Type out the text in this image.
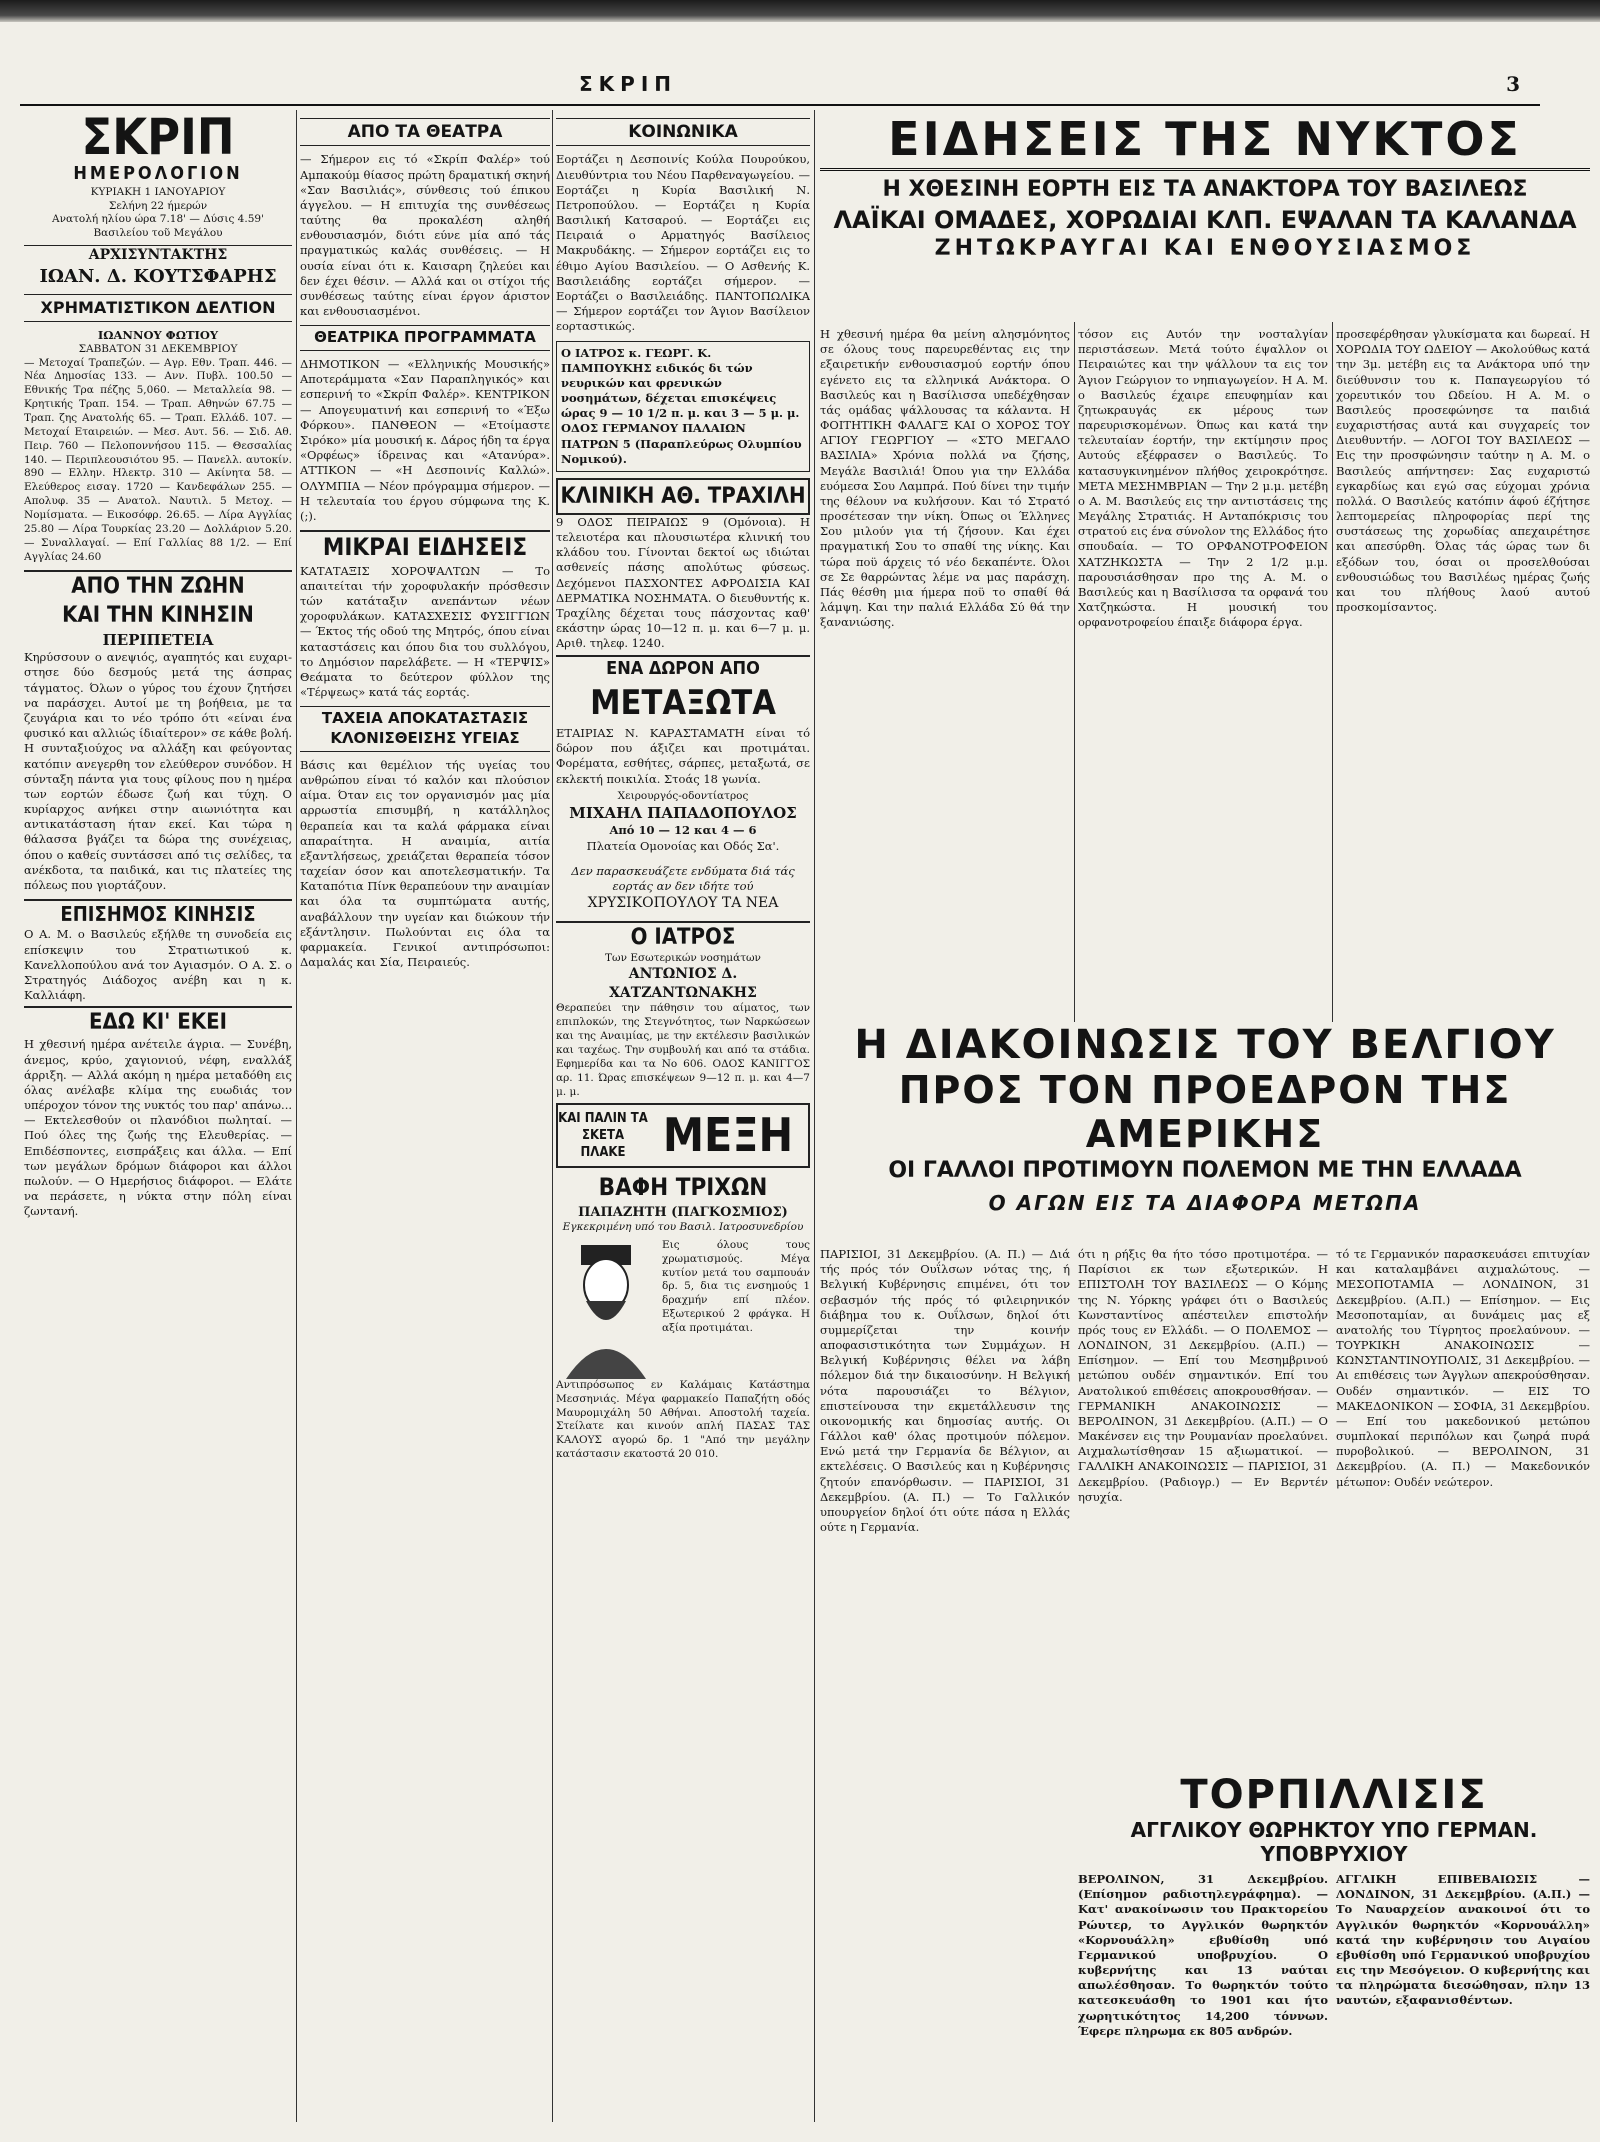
ΣΚΡΙΠ	3
ΣΚΡΙΠ
ΗΜΕΡΟΛΟΓΙΟΝ
ΚΥΡΙΑΚΗ 1 ΙΑΝΟΥΑΡΙΟΥ
Σελήνη 22 ήμερών
Ανατολή ηλίου ώρα 7.18' — Δύσις 4.59'
Βασιλείου τοῦ Μεγάλου
ΑΡΧΙΣΥΝΤΑΚΤΗΣ
ΙΩΑΝ. Δ. ΚΟΥΤΣΦΑΡΗΣ
ΧΡΗΜΑΤΙΣΤΙΚΟΝ ΔΕΛΤΙΟΝ
ΙΩΑΝΝΟΥ ΦΩΤΙΟΥ
ΣΑΒΒΑΤΟΝ 31 ΔΕΚΕΜΒΡΙΟΥ

— Μετοχαί Τραπεζών. — Αγρ. Εθν. Τραπ. 446. — Νέα Δημοσίας 133. — Ανν. Πυβλ. 100.50 — Εθνικής Τρα πέζης 5,060. — Μεταλλεία 98. — Κρητικής Τραπ. 154. — Τραπ. Αθηνών 67.75 — Τραπ. ζης Ανατολής 65. — Τραπ. Ελλάδ. 107. — Μετοχαί Εταιρειών. — Μεσ. Αυτ. 56. — Σιδ. Αθ. Πειρ. 760 — Πελοποννήσου 115. — Θεσσαλίας 140. — Περιπλεουσιότου 95. — Πανελλ. αυτοκίν. 890 — Ελλην. Ηλεκτρ. 310 — Ακίνητα 58. — Ελεύθερος εισαγ. 1720 — Κανδεφάλων 255. — Απολυφ. 35 — Ανατολ. Ναυτιλ. 5 Μετοχ. — Νομίσματα. — Εικοσόφρ. 26.65. — Λίρα Αγγλίας 25.80 — Λίρα Τουρκίας 23.20 — Δολλάριον 5.20. — Συναλλαγαί. — Επί Γαλλίας 88 1/2. — Επί Αγγλίας 24.60

ΑΠΟ ΤΗΝ ΖΩΗΝ
ΚΑΙ ΤΗΝ ΚΙΝΗΣΙΝ
ΠΕΡΙΠΕΤΕΙΑ

Κηρύσσουν ο ανεψιός, αγαπητός και ευχαρι-στησε δύο δεσμούς μετά της άσπρας τάγματος. Όλων ο γύρος του έχουν ζητήσει να παράσχει. Αυτοί με τη βοήθεια, με τα ζευγάρια και το νέο τρόπο ότι «είναι ένα φυσικό και αλλιώς ίδιαίτερον» σε κάθε βολή. Η συνταξιούχος να αλλάξη και φεύγοντας κατόπιν ανεγερθη τον ελεύθερον συνόδον. Η σύνταξη πάντα για τους φίλους που η ημέρα των εορτών έδωσε ζωή και τύχη. Ο κυρίαρχος ανήκει στην αιωνιότητα και αντικατάσταση ήταν εκεί. Και τώρα η θάλασσα βγάζει τα δώρα της συνέχειας, όπου ο καθείς συντάσσει από τις σελίδες, τα ανέκδοτα, τα παιδικά, και τις πλατείες της πόλεως που γιορτάζουν.

ΕΠΙΣΗΜΟΣ ΚΙΝΗΣΙΣ

Ο Α. Μ. ο Βασιλεύς εξήλθε τη συνοδεία εις επίσκεψιν του Στρατιωτικού κ. Κανελλοπούλου ανά τον Αγιασμόν. Ο Α. Σ. ο Στρατηγός Διάδοχος ανέβη και η κ. Καλλιάφη.

ΕΔΩ ΚΙ' ΕΚΕΙ

Η χθεσινή ημέρα ανέτειλε άγρια. — Συνέβη, άνεμος, κρύο, χαγιονιού, νέφη, εναλλάξ άρριξη. — Αλλά ακόμη η ημέρα μεταδόθη εις όλας ανέλαβε κλίμα της ευωδιάς τον υπέροχον τόνον της νυκτός του παρ' απάνω... — Εκτελεσθούν οι πλανόδιοι πωληταί. — Πού όλες της ζωής της Ελευθερίας. — Επιδέσποντες, εισπράξεις και άλλα. — Επί των μεγάλων δρόμων διάφοροι και άλλοι πωλούν. — Ο Ημερήσιος διάφοροι. — Ελάτε να περάσετε, η νύκτα στην πόλη είναι ζωντανή.

ΑΠΟ ΤΑ ΘΕΑΤΡΑ

— Σήμερον εις τό «Σκρίπ Φαλέρ» τού Αμπακούμ θίασος πρώτη δραματική σκηνή «Σαν Βασιλιάς», σύνθεσις τού έπικου άγγελου. — Η επιτυχία της συνθέσεως ταύτης θα προκαλέση αληθή ενθουσιασμόν, διότι εύνε μία από τάς πραγματικώς καλάς συνθέσεις. — Η ουσία είναι ότι κ. Καισαρη ζηλεύει και δεν έχει θέσιν. — Αλλά και οι στίχοι τής συνθέσεως ταύτης είναι έργον άριστον και ενθουσιασμένοι.

ΘΕΑΤΡΙΚΑ ΠΡΟΓΡΑΜΜΑΤΑ

ΔΗΜΟΤΙΚΟΝ — «Ελληνικής Μουσικής» Αποτεράμματα «Σαν Παραπληγικός» και εσπερινή το «Σκρίπ Φαλέρ». ΚΕΝΤΡΙΚΟΝ — Απογευματινή και εσπερινή το «Έξω Φόρκου». ΠΑΝΘΕΟΝ — «Ετοίμαστε Σιρόκο» μία μουσική κ. Δάρος ήδη τα έργα «Ορφέως» ίδρεινας και «Ατανύρα». ΑΤΤΙΚΟΝ — «Η Δεσποινίς Καλλώ». ΟΛΥΜΠΙΑ — Νέον πρόγραμμα σήμερον. — Η τελευταία του έργου σύμφωνα της Κ. (;).

ΜΙΚΡΑΙ ΕΙΔΗΣΕΙΣ

ΚΑΤΑΤΑΞΙΣ ΧΟΡΟΨΑΛΤΩΝ — Το απαιτείται τήν χοροφυλακήν πρόσθεσιν τών κατάταξιν ανεπάντων νέων χοροφυλάκων. ΚΑΤΑΣΧΕΣΙΣ ΦΥΣΙΓΓΙΩΝ — Έκτος τής οδού της Μητρός, όπου είναι καταστάσεις και όπου δια του συλλόγου, το Δημόσιον παρελάβετε. — Η «ΤΕΡΨΙΣ» Θεάματα το δεύτερον φύλλον της «Τέρψεως» κατά τάς εορτάς.

ΤΑΧΕΙΑ ΑΠΟΚΑΤΑΣΤΑΣΙΣ ΚΛΟΝΙΣΘΕΙΣΗΣ ΥΓΕΙΑΣ

Βάσις και θεμέλιον τής υγείας του ανθρώπου είναι τό καλόν και πλούσιον αίμα. Όταν εις τον οργανισμόν μας μία αρρωστία επισυμβή, η κατάλληλος θεραπεία και τα καλά φάρμακα είναι απαραίτητα. Η αναιμία, αιτία εξαντλήσεως, χρειάζεται θεραπεία τόσον ταχείαν όσον και αποτελεσματικήν. Τα Καταπότια Πίνκ θεραπεύουν την αναιμίαν και όλα τα συμπτώματα αυτής, αναβάλλουν την υγείαν και διώκουν τήν εξάντλησιν. Πωλούνται εις όλα τα φαρμακεία. Γενικοί αντιπρόσωποι: Δαμαλάς και Σία, Πειραιεύς.

ΚΟΙΝΩΝΙΚΑ

Εορτάζει η Δεσποινίς Κούλα Πουρούκου, Διευθύντρια του Νέου Παρθεναγωγείου. — Εορτάζει η Κυρία Βασιλική Ν. Πετροπούλου. — Εορτάζει η Κυρία Βασιλική Κατσαρού. — Εορτάζει εις Πειραιά ο Αρματηγός Βασίλειος Μακρυδάκης. — Σήμερον εορτάζει εις το έθιμο Αγίου Βασιλείου. — Ο Ασθενής Κ. Βασιλειάδης εορτάζει σήμερον. — Εορτάζει ο Βασιλειάδης. ΠΑΝΤΟΠΩΛΙΚΑ — Σήμερον εορτάζει τον Άγιον Βασίλειον εορταστικώς.

Ο ΙΑΤΡΟΣ κ. ΓΕΩΡΓ. Κ. ΠΑΜΠΟΥΚΗΣ ειδικός δι τών νευρικών και φρενικών νοσημάτων, δέχεται επισκέψεις ώρας 9 — 10 1/2 π. μ. και 3 — 5 μ. μ. ΟΔΟΣ ΓΕΡΜΑΝΟΥ ΠΑΛΑΙΩΝ ΠΑΤΡΩΝ 5 (Παραπλεύρως Ολυμπίου Νομικού).
ΚΛΙΝΙΚΗ ΑΘ. ΤΡΑΧΙΛΗ

9 ΟΔΟΣ ΠΕΙΡΑΙΩΣ 9 (Ομόνοια). Η τελειοτέρα και πλουσιωτέρα κλινική του κλάδου του. Γίνονται δεκτοί ως ιδιώται ασθενείς πάσης απολύτως φύσεως. Δεχόμενοι ΠΑΣΧΟΝΤΕΣ ΑΦΡΟΔΙΣΙΑ ΚΑΙ ΔΕΡΜΑΤΙΚΑ ΝΟΣΗΜΑΤΑ. Ο διευθυντής κ. Τραχίλης δέχεται τους πάσχοντας καθ' εκάστην ώρας 10—12 π. μ. και 6—7 μ. μ. Αριθ. τηλεφ. 1240.

ΕΝΑ ΔΩΡΟΝ ΑΠΟ
ΜΕΤΑΞΩΤΑ

ΕΤΑΙΡΙΑΣ Ν. ΚΑΡΑΣΤΑΜΑΤΗ είναι τό δώρον που άξιζει και προτιμάται. Φορέματα, εσθήτες, σάρπες, μεταξωτά, σε εκλεκτή ποικιλία. Στοάς 18 γωνία.

Χειρουργός-οδοντίατρος
ΜΙΧΑΗΛ ΠΑΠΑΔΟΠΟΥΛΟΣ
Από 10 — 12 και 4 — 6
Πλατεία Ομονοίας και Οδός Σα'.
Δεν παρασκευάζετε ενδύματα διά τάς εορτάς αν δεν ιδήτε τού
ΧΡΥΣΙΚΟΠΟΥΛΟΥ ΤΑ ΝΕΑ
Ο ΙΑΤΡΟΣ
Των Εσωτερικών νοσημάτων
ΑΝΤΩΝΙΟΣ Δ. ΧΑΤΖΑΝΤΩΝΑΚΗΣ

Θεραπεύει την πάθησιν του αίματος, των επιπλοκών, της Στεγνότητος, των Ναρκώσεων και της Αναιμίας, με την εκτέλεσιν βασιλικών και ταχέως. Την συμβουλή και από τα στάδια. Εφημερίδα και τα Νο 606. ΟΔΟΣ ΚΑΝΙΓΓΟΣ αρ. 11. Ώρας επισκέψεων 9—12 π. μ. και 4—7 μ. μ.

ΚΑΙ ΠΑΛΙΝ ΤΑ ΣΚΕΤΑ ΠΛΑΚΕ ΜΕΞΗ
ΒΑΦΗ ΤΡΙΧΩΝ
ΠΑΠΑΖΗΤΗ (ΠΑΓΚΟΣΜΙΟΣ)
Εγκεκριμένη υπό του Βασιλ. Ιατροσυνεδρίου

Εις όλους τους χρωματισμούς. Μέγα κυτίον μετά του σαμπουάν δρ. 5, δια τις ενσημούς 1 δραχμήν επί πλέον. Εξωτερικού 2 φράγκα. Η αξία προτιμάται.

Αντιπρόσωπος εν Καλάμαις Κατάστημα Μεσσηνιάς. Μέγα φαρμακείο Παπαζήτη οδός Μαυρομιχάλη 50 Αθήναι. Αποστολή ταχεία. Στείλατε και κινούν απλή ΠΑΣΑΣ ΤΑΣ ΚΑΛΟΥΣ αγορώ δρ. 1 "Από την μεγάλην κατάστασιν εκατοστά 20 010.

ΕΙΔΗΣΕΙΣ ΤΗΣ ΝΥΚΤΟΣ
Η ΧΘΕΣΙΝΗ ΕΟΡΤΗ ΕΙΣ ΤΑ ΑΝΑΚΤΟΡΑ ΤΟΥ ΒΑΣΙΛΕΩΣ
ΛΑΪΚΑΙ ΟΜΑΔΕΣ, ΧΟΡΩΔΙΑΙ ΚΛΠ. ΕΨΑΛΑΝ ΤΑ ΚΑΛΑΝΔΑ
ΖΗΤΩΚΡΑΥΓΑΙ ΚΑΙ ΕΝΘΟΥΣΙΑΣΜΟΣ

Η χθεσινή ημέρα θα μείνη αλησμόνητος σε όλους τους παρευρεθέντας εις την εξαιρετικήν ενθουσιασμού εορτήν όπου εγένετο εις τα ελληνικά Ανάκτορα. Ο Βασιλεύς και η Βασίλισσα υπεδέχθησαν τάς ομάδας ψάλλουσας τα κάλαντα. Η ΦΟΙΤΗΤΙΚΗ ΦΑΛΑΓΞ ΚΑΙ Ο ΧΟΡΟΣ ΤΟΥ ΑΓΙΟΥ ΓΕΩΡΓΙΟΥ — «ΣΤΟ ΜΕΓΑΛΟ ΒΑΣΙΛΙΑ» Χρόνια πολλά να ζήσης, Μεγάλε Βασιλιά! Όπου για την Ελλάδα ευόμεσα Σου Λαμπρά. Πού δίνει την τιμήν της θέλουν να κυλήσουν. Και τό Στρατό προσέτεσαν την νίκη. Όπως οι Έλληνες Σου μιλούν για τή ζήσουν. Και έχει πραγματική Σου το σπαθί της νίκης. Και τώρα ποϋ άρχεις τό νέο δεκαπέντε. Όλοι σε Σε θαρρώντας λέμε να μας παράσχη. Πάς θέσθη μια ήμερα ποϋ το σπαθί θά λάμψη. Και την παλιά Ελλάδα Σύ θά την ξανανιώσης.

τόσον εις Αυτόν την νοσταλγίαν περιστάσεων. Μετά τούτο έψαλλον οι Πειραιώτες και την ψάλλουν τα εις τον Άγιον Γεώργιον το νηπιαγωγείον. Η Α. Μ. ο Βασιλεύς έχαιρε επευφημίαν και ζητωκραυγάς εκ μέρους των παρευρισκομένων. Όπως και κατά την τελευταίαν έορτήν, την εκτίμησιν προς Αυτούς εξέφρασεν ο Βασιλεύς. Το κατασυγκινημένον πλήθος χειροκρότησε. ΜΕΤΑ ΜΕΣΗΜΒΡΙΑΝ — Την 2 μ.μ. μετέβη ο Α. Μ. Βασιλεύς εις την αντιστάσεις της Μεγάλης Στρατιάς. Η Ανταπόκρισις του στρατού εις ένα σύνολον της Ελλάδος ήτο σπουδαία. — ΤΟ ΟΡΦΑΝΟΤΡΟΦΕΙΟΝ ΧΑΤΖΗΚΩΣΤΑ — Την 2 1/2 μ.μ. παρουσιάσθησαν προ της Α. Μ. ο Βασιλεύς και η Βασίλισσα τα ορφανά του Χατζηκώστα. Η μουσική του ορφανοτροφείου έπαιξε διάφορα έργα.

προσεφέρθησαν γλυκίσματα και δωρεαί. Η ΧΟΡΩΔΙΑ ΤΟΥ ΩΔΕΙΟΥ — Ακολούθως κατά την 3μ. μετέβη εις τα Ανάκτορα υπό την διεύθυνσιν του κ. Παπαγεωργίου τό χορευτικόν του Ωδείου. Η Α. Μ. ο Βασιλεύς προσεφώνησε τα παιδιά ευχαριστήσας αυτά και συγχαρείς τον Διευθυντήν. — ΛΟΓΟΙ ΤΟΥ ΒΑΣΙΛΕΩΣ — Εις την προσφώνησιν ταύτην η Α. Μ. ο Βασιλεύς απήντησεν: Σας ευχαριστώ εγκαρδίως και εγώ σας εύχομαι χρόνια πολλά. Ο Βασιλεύς κατόπιν άφού έζήτησε λεπτομερείας πληροφορίας περί της συστάσεως της χορωδίας απεχαιρέτησε και απεσύρθη. Όλας τάς ώρας των δι εξόδων του, όσαι οι προσελθούσαι ενθουσιώδως του Βασιλέως ημέρας ζωής και του πλήθους λαού αυτού προσκομίσαντος.

Η ΔΙΑΚΟΙΝΩΣΙΣ ΤΟΥ ΒΕΛΓΙΟΥ
ΠΡΟΣ ΤΟΝ ΠΡΟΕΔΡΟΝ ΤΗΣ ΑΜΕΡΙΚΗΣ
ΟΙ ΓΑΛΛΟΙ ΠΡΟΤΙΜΟΥΝ ΠΟΛΕΜΟΝ ΜΕ ΤΗΝ ΕΛΛΑΔΑ
Ο ΑΓΩΝ ΕΙΣ ΤΑ ΔΙΑΦΟΡΑ ΜΕΤΩΠΑ

ΠΑΡΙΣΙΟΙ, 31 Δεκεμβρίου. (Α. Π.) — Διά τής πρός τόν Ουΐλσων νότας της, ή Βελγική Κυβέρνησις επιμένει, ότι τον σεβασμόν τής πρός τό φιλειρηνικόν διάβημα του κ. Ουΐλσων, δηλοί ότι συμμερίζεται την κοινήν αποφασιστικότητα των Συμμάχων. Η Βελγική Κυβέρνησις θέλει να λάβη πόλεμον διά την δικαιοσύνην. Η Βελγική νότα παρουσιάζει το Βέλγιον, επιστείνουσα την εκμετάλλευσιν της οικονομικής και δημοσίας αυτής. Οι Γάλλοι καθ' όλας προτιμούν πόλεμον. Ενώ μετά την Γερμανία δε Βέλγιον, αι εκτελέσεις. Ο Βασιλεύς και η Κυβέρνησις ζητούν επανόρθωσιν. — ΠΑΡΙΣΙΟΙ, 31 Δεκεμβρίου. (Α. Π.) — Το Γαλλικόν υπουργείον δηλοί ότι ούτε πάσα η Ελλάς ούτε η Γερμανία.

ότι η ρήξις θα ήτο τόσο προτιμοτέρα. — Παρίσιοι εκ των εξωτερικών. Η ΕΠΙΣΤΟΛΗ ΤΟΥ ΒΑΣΙΛΕΩΣ — Ο Κόμης της Ν. Υόρκης γράφει ότι ο Βασιλεύς Κωνσταντίνος απέστειλεν επιστολήν πρός τους εν Ελλάδι. — Ο ΠΟΛΕΜΟΣ — ΛΟΝΔΙΝΟΝ, 31 Δεκεμβρίου. (Α.Π.) — Επίσημον. — Επί του Μεσημβρινού μετώπου ουδέν σημαντικόν. Επί του Ανατολικού επιθέσεις αποκρουσθήσαν. — ΓΕΡΜΑΝΙΚΗ ΑΝΑΚΟΙΝΩΣΙΣ — ΒΕΡΟΛΙΝΟΝ, 31 Δεκεμβρίου. (Α.Π.) — Ο Μακένσεν εις την Ρουμανίαν προελαύνει. Αιχμαλωτίσθησαν 15 αξιωματικοί. — ΓΑΛΛΙΚΗ ΑΝΑΚΟΙΝΩΣΙΣ — ΠΑΡΙΣΙΟΙ, 31 Δεκεμβρίου. (Ραδιογρ.) — Εν Βερντέν ησυχία.

τό τε Γερμανικόν παρασκευάσει επιτυχίαν και καταλαμβάνει αιχμαλώτους. — ΜΕΣΟΠΟΤΑΜΙΑ — ΛΟΝΔΙΝΟΝ, 31 Δεκεμβρίου. (Α.Π.) — Επίσημον. — Εις Μεσοποταμίαν, αι δυνάμεις μας εξ ανατολής του Τίγρητος προελαύνουν. — ΤΟΥΡΚΙΚΗ ΑΝΑΚΟΙΝΩΣΙΣ — ΚΩΝΣΤΑΝΤΙΝΟΥΠΟΛΙΣ, 31 Δεκεμβρίου. — Αι επιθέσεις των Άγγλων απεκρούσθησαν. Ουδέν σημαντικόν. — ΕΙΣ ΤΟ ΜΑΚΕΔΟΝΙΚΟΝ — ΣΟΦΙΑ, 31 Δεκεμβρίου. — Επί του μακεδονικού μετώπου συμπλοκαί περιπόλων και ζωηρά πυρά πυροβολικού. — ΒΕΡΟΛΙΝΟΝ, 31 Δεκεμβρίου. (Α. Π.) — Μακεδονικόν μέτωπον: Ουδέν νεώτερον.

ΤΟΡΠΙΛΛΙΣΙΣ
ΑΓΓΛΙΚΟΥ ΘΩΡΗΚΤΟΥ ΥΠΟ ΓΕΡΜΑΝ. ΥΠΟΒΡΥΧΙΟΥ

ΒΕΡΟΛΙΝΟΝ, 31 Δεκεμβρίου. (Επίσημον ραδιοτηλεγράφημα). — Κατ' ανακοίνωσιν του Πρακτορείου Ρώυτερ, το Αγγλικόν θωρηκτόν «Κορνουάλλη» εβυθίσθη υπό Γερμανικού υποβρυχίου. Ο κυβερνήτης και 13 ναύται απωλέσθησαν. Το θωρηκτόν τούτο κατεσκευάσθη το 1901 και ήτο χωρητικότητος 14,200 τόννων. Έφερε πληρωμα εκ 805 ανδρών.

ΑΓΓΛΙΚΗ ΕΠΙΒΕΒΑΙΩΣΙΣ — ΛΟΝΔΙΝΟΝ, 31 Δεκεμβρίου. (Α.Π.) — Το Ναυαρχείον ανακοινοί ότι το Αγγλικόν θωρηκτόν «Κορνουάλλη» κατά την κυβέρνησιν του Αιγαίου εβυθίσθη υπό Γερμανικού υποβρυχίου εις την Μεσόγειον. Ο κυβερνήτης και τα πληρώματα διεσώθησαν, πλην 13 ναυτών, εξαφανισθέντων.
